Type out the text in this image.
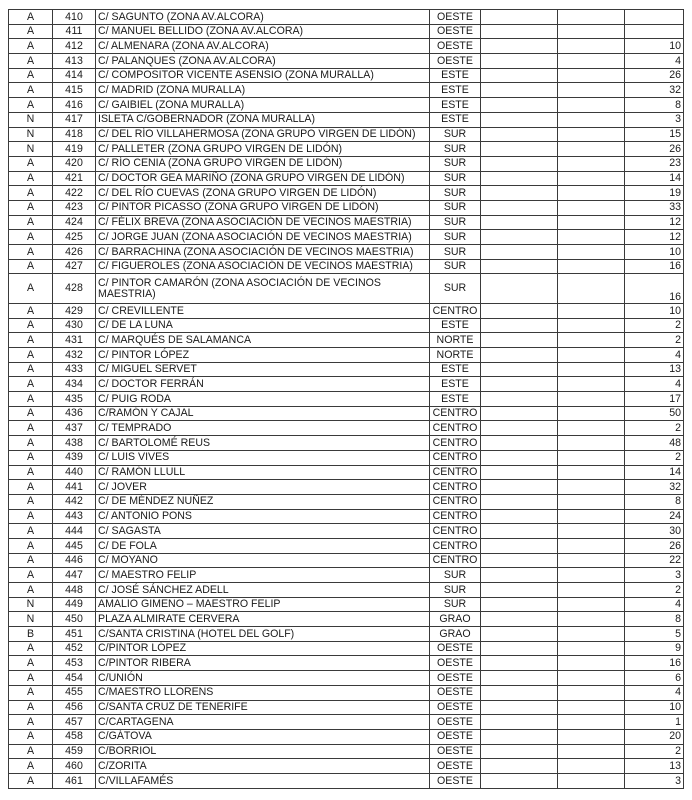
A	410	C/ SAGUNTO (ZONA AV.ALCORA)	OESTE			
A	411	C/ MANUEL BELLIDO (ZONA AV.ALCORA)	OESTE			
A	412	C/ ALMENARA (ZONA AV.ALCORA)	OESTE			10
A	413	C/ PALANQUES (ZONA AV.ALCORA)	OESTE			4
A	414	C/ COMPOSITOR VICENTE ASENSIO (ZONA MURALLA)	ESTE			26
A	415	C/ MADRID (ZONA MURALLA)	ESTE			32
A	416	C/ GAIBIEL (ZONA MURALLA)	ESTE			8
N	417	ISLETA C/GOBERNADOR (ZONA MURALLA)	ESTE			3
N	418	C/ DEL RÍO VILLAHERMOSA (ZONA GRUPO VIRGEN DE LIDÓN)	SUR			15
N	419	C/ PALLETER (ZONA GRUPO VIRGEN DE LIDÓN)	SUR			26
A	420	C/ RÍO CENIA (ZONA GRUPO VIRGEN DE LIDÓN)	SUR			23
A	421	C/ DOCTOR GEA MARIÑO (ZONA GRUPO VIRGEN DE LIDÓN)	SUR			14
A	422	C/ DEL RÍO CUEVAS (ZONA GRUPO VIRGEN DE LIDÓN)	SUR			19
A	423	C/ PINTOR PICASSO (ZONA GRUPO VIRGEN DE LIDÓN)	SUR			33
A	424	C/ FÉLIX BREVA (ZONA ASOCIACIÓN DE VECINOS MAESTRIA)	SUR			12
A	425	C/ JORGE JUAN (ZONA ASOCIACIÓN DE VECINOS MAESTRIA)	SUR			12
A	426	C/ BARRACHINA (ZONA ASOCIACIÓN DE VECINOS MAESTRIA)	SUR			10
A	427	C/ FIGUEROLES (ZONA ASOCIACIÓN DE VECINOS MAESTRIA)	SUR			16
A	428	C/ PINTOR CAMARÓN (ZONA ASOCIACIÓN DE VECINOS MAESTRIA)	SUR			16
A	429	C/ CREVILLENTE	CENTRO			10
A	430	C/ DE LA LUNA	ESTE			2
A	431	C/ MARQUÉS DE SALAMANCA	NORTE			2
A	432	C/ PINTOR LÓPEZ	NORTE			4
A	433	C/ MIGUEL SERVET	ESTE			13
A	434	C/ DOCTOR FERRÁN	ESTE			4
A	435	C/ PUIG RODA	ESTE			17
A	436	C/RAMÓN Y CAJAL	CENTRO			50
A	437	C/ TEMPRADO	CENTRO			2
A	438	C/ BARTOLOMÉ REUS	CENTRO			48
A	439	C/ LUIS VIVES	CENTRO			2
A	440	C/ RAMÓN LLULL	CENTRO			14
A	441	C/ JOVER	CENTRO			32
A	442	C/ DE MÉNDEZ NUÑEZ	CENTRO			8
A	443	C/ ANTONIO PONS	CENTRO			24
A	444	C/ SAGASTA	CENTRO			30
A	445	C/ DE FOLA	CENTRO			26
A	446	C/ MOYANO	CENTRO			22
A	447	C/ MAESTRO FELIP	SUR			3
A	448	C/ JOSÉ SÁNCHEZ ADELL	SUR			2
N	449	AMALIO GIMENO – MAESTRO FELIP	SUR			4
N	450	PLAZA ALMIRATE CERVERA	GRAO			8
B	451	C/SANTA CRISTINA (HOTEL DEL GOLF)	GRAO			5
A	452	C/PINTOR LÓPEZ	OESTE			9
A	453	C/PINTOR RIBERA	OESTE			16
A	454	C/UNIÓN	OESTE			6
A	455	C/MAESTRO LLORENS	OESTE			4
A	456	C/SANTA CRUZ DE TENERIFE	OESTE			10
A	457	C/CARTAGENA	OESTE			1
A	458	C/GÁTOVA	OESTE			20
A	459	C/BORRIOL	OESTE			2
A	460	C/ZORITA	OESTE			13
A	461	C/VILLAFAMÉS	OESTE			3
